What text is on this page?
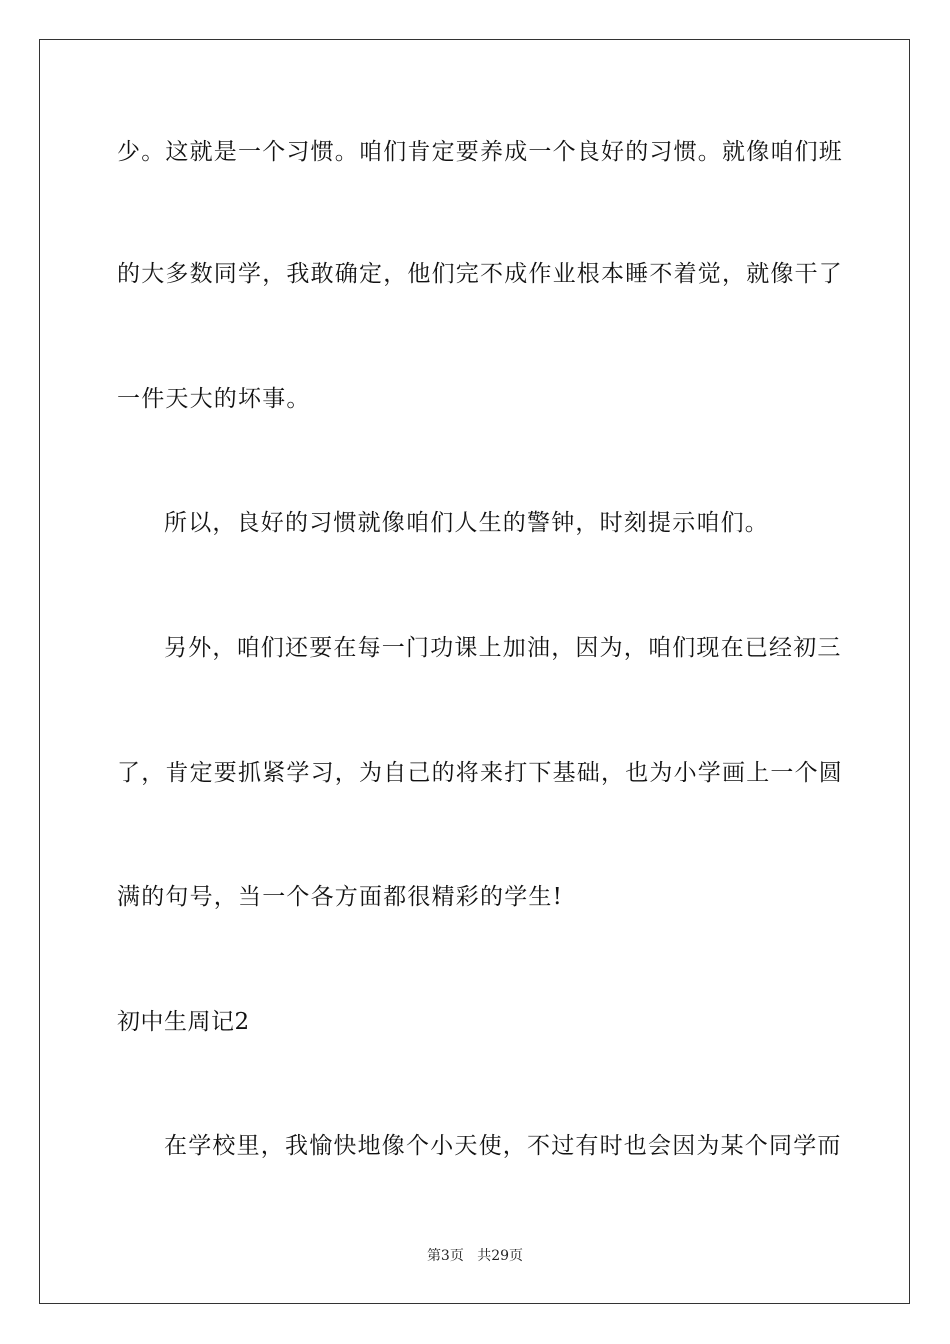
少。这就是一个习惯。咱们肯定要养成一个良好的习惯。就像咱们班
的大多数同学，我敢确定，他们完不成作业根本睡不着觉，就像干了
一件天大的坏事。
所以，良好的习惯就像咱们人生的警钟，时刻提示咱们。
另外，咱们还要在每一门功课上加油，因为，咱们现在已经初三
了，肯定要抓紧学习，为自己的将来打下基础，也为小学画上一个圆
满的句号，当一个各方面都很精彩的学生!
初中生周记2
在学校里，我愉快地像个小天使，不过有时也会因为某个同学而
第3页 共29页
